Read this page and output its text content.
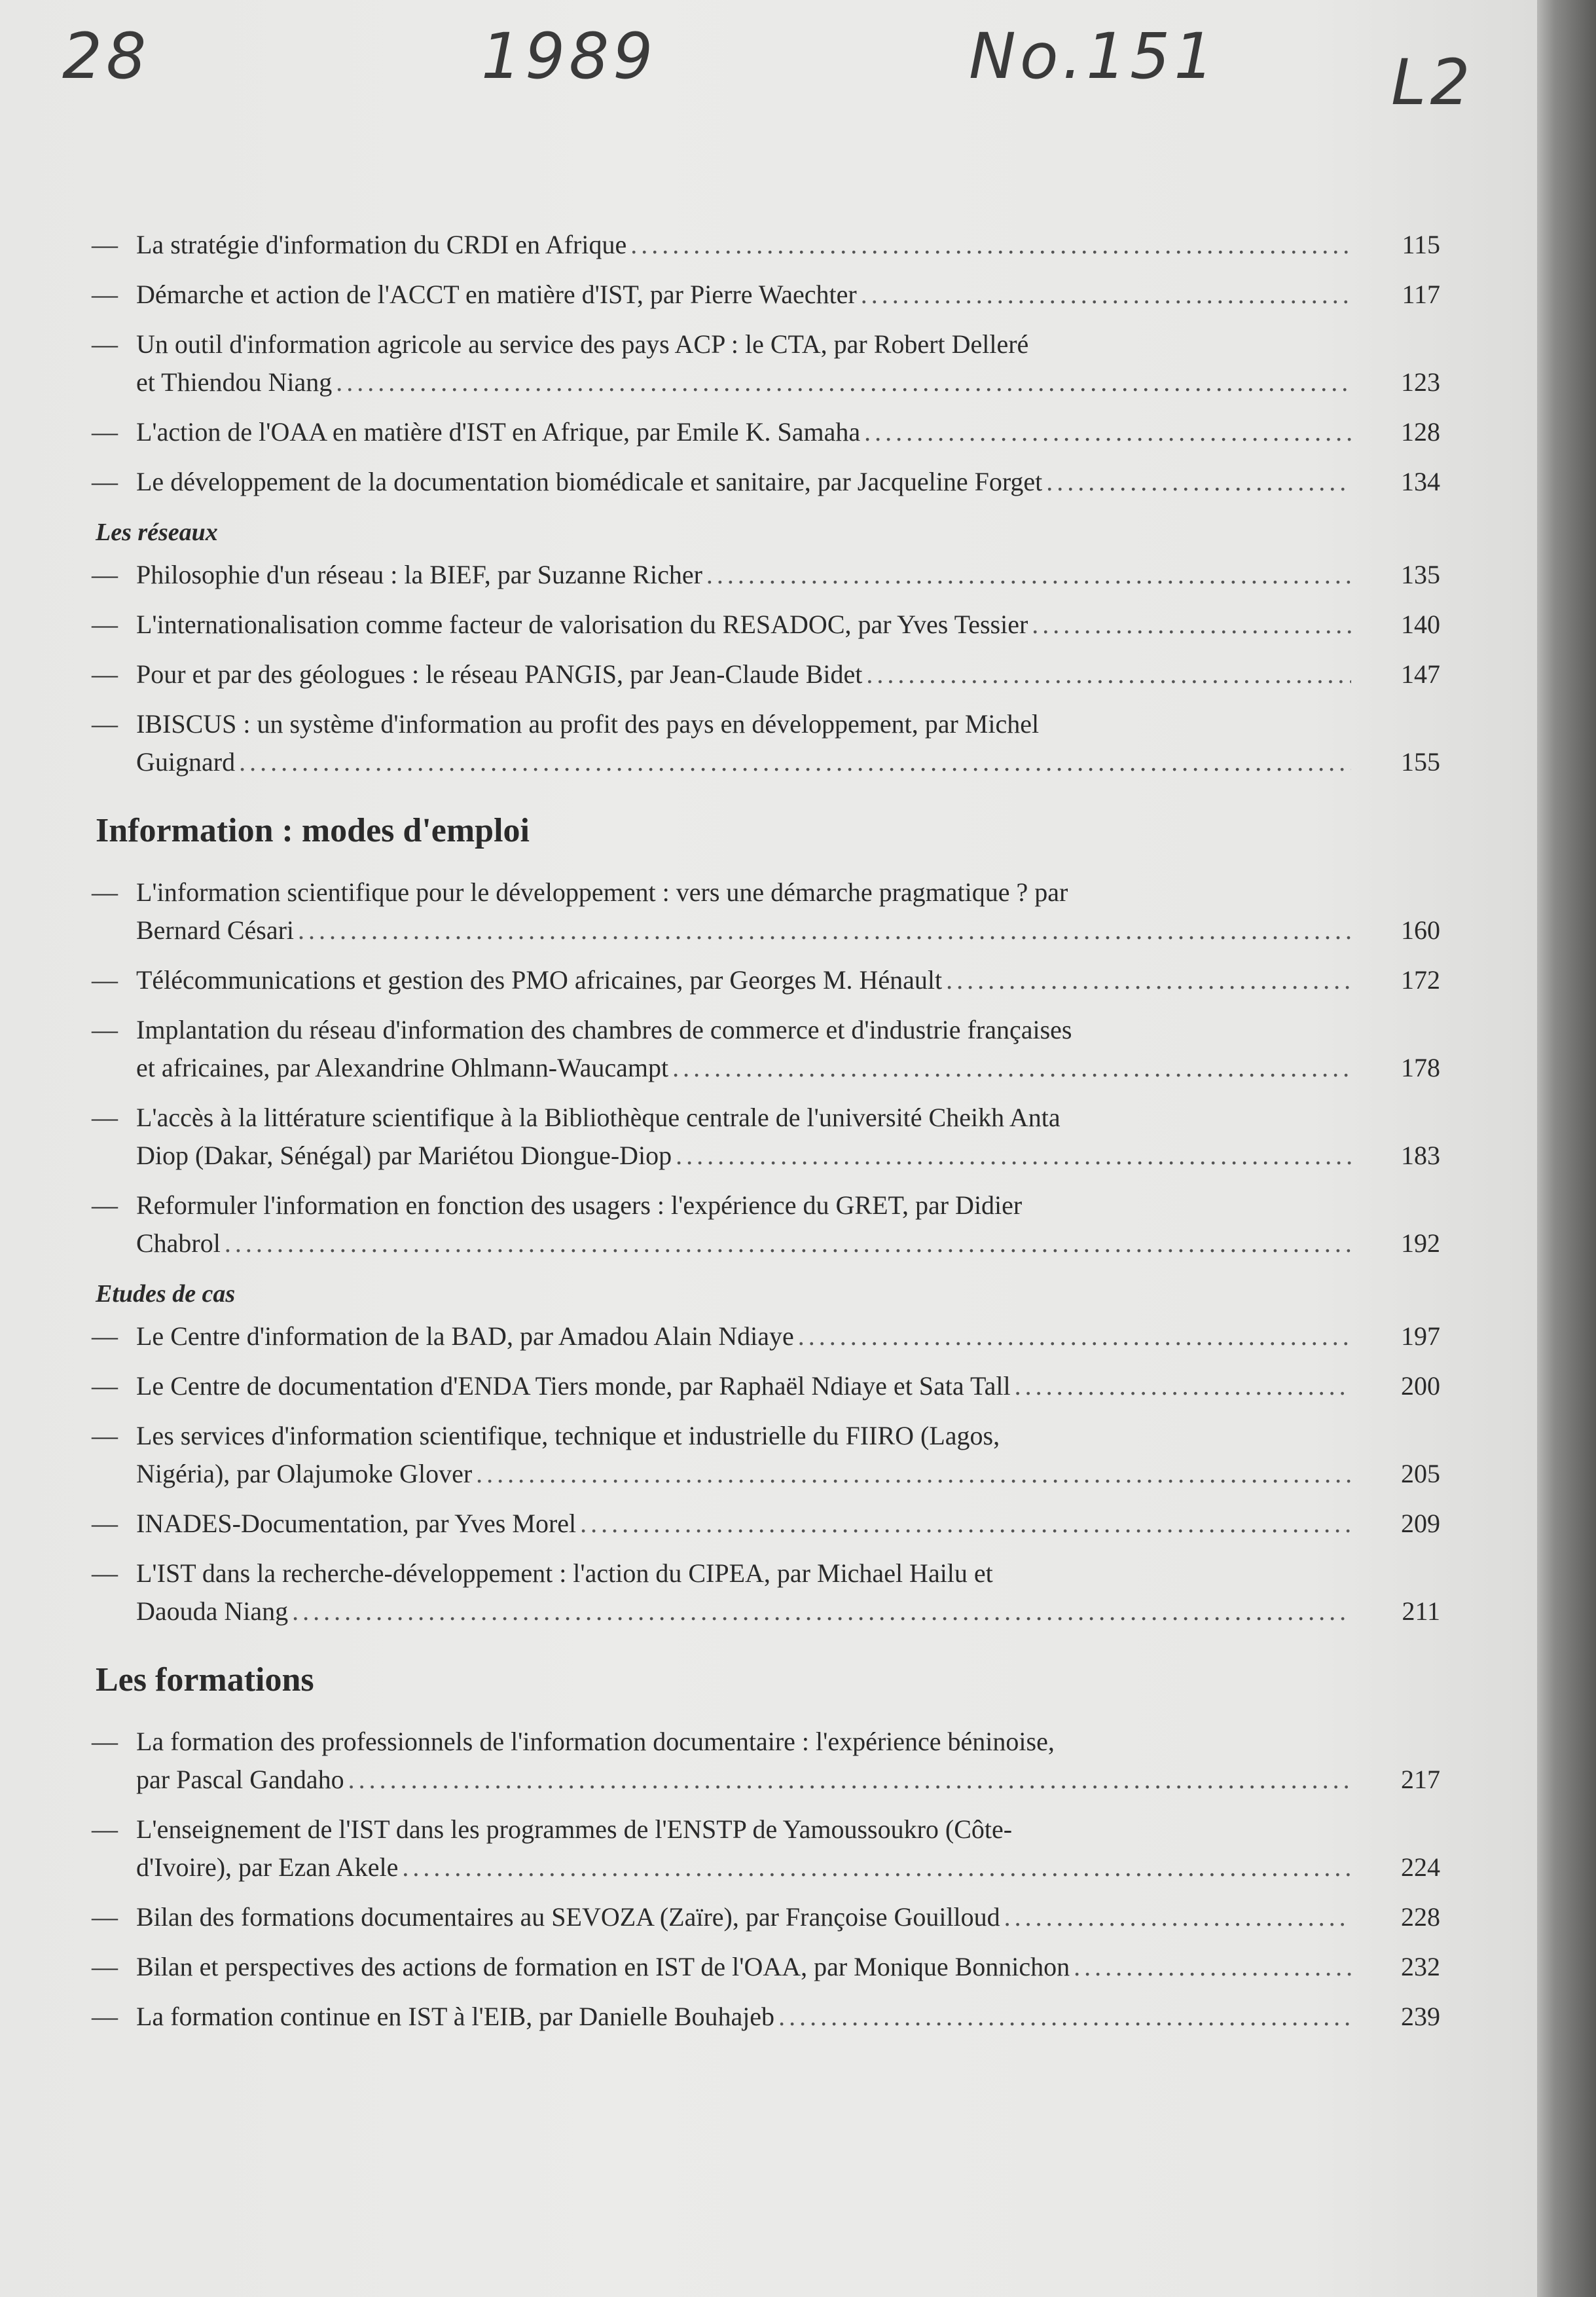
28	1989	No.151	L2
— La stratégie d'information du CRDI en Afrique . . .	115
— Démarche et action de l'ACCT en matière d'IST, par Pierre Waechter . . .	117
— Un outil d'information agricole au service des pays ACP : le CTA, par Robert Delleré
et Thiendou Niang . . .	123
— L'action de l'OAA en matière d'IST en Afrique, par Emile K. Samaha . . .	128
— Le développement de la documentation biomédicale et sanitaire, par Jacqueline Forget . . .	134
Les réseaux
— Philosophie d'un réseau : la BIEF, par Suzanne Richer . . .	135
— L'internationalisation comme facteur de valorisation du RESADOC, par Yves Tessier . . .	140
— Pour et par des géologues : le réseau PANGIS, par Jean-Claude Bidet . . .	147
— IBISCUS : un système d'information au profit des pays en développement, par Michel
Guignard . . .	155
Information : modes d'emploi
— L'information scientifique pour le développement : vers une démarche pragmatique ? par
Bernard Césari . . .	160
— Télécommunications et gestion des PMO africaines, par Georges M. Hénault . . .	172
— Implantation du réseau d'information des chambres de commerce et d'industrie françaises
et africaines, par Alexandrine Ohlmann-Waucampt . . .	178
— L'accès à la littérature scientifique à la Bibliothèque centrale de l'université Cheikh Anta
Diop (Dakar, Sénégal) par Mariétou Diongue-Diop . . .	183
— Reformuler l'information en fonction des usagers : l'expérience du GRET, par Didier
Chabrol . . .	192
Etudes de cas
— Le Centre d'information de la BAD, par Amadou Alain Ndiaye . . .	197
— Le Centre de documentation d'ENDA Tiers monde, par Raphaël Ndiaye et Sata Tall . . .	200
— Les services d'information scientifique, technique et industrielle du FIIRO (Lagos,
Nigéria), par Olajumoke Glover . . .	205
— INADES-Documentation, par Yves Morel . . .	209
— L'IST dans la recherche-développement : l'action du CIPEA, par Michael Hailu et
Daouda Niang . . .	211
Les formations
— La formation des professionnels de l'information documentaire : l'expérience béninoise,
par Pascal Gandaho . . .	217
— L'enseignement de l'IST dans les programmes de l'ENSTP de Yamoussoukro (Côte-
d'Ivoire), par Ezan Akele . . .	224
— Bilan des formations documentaires au SEVOZA (Zaïre), par Françoise Gouilloud . . .	228
— Bilan et perspectives des actions de formation en IST de l'OAA, par Monique Bonnichon . . .	232
— La formation continue en IST à l'EIB, par Danielle Bouhajeb . . .	239
